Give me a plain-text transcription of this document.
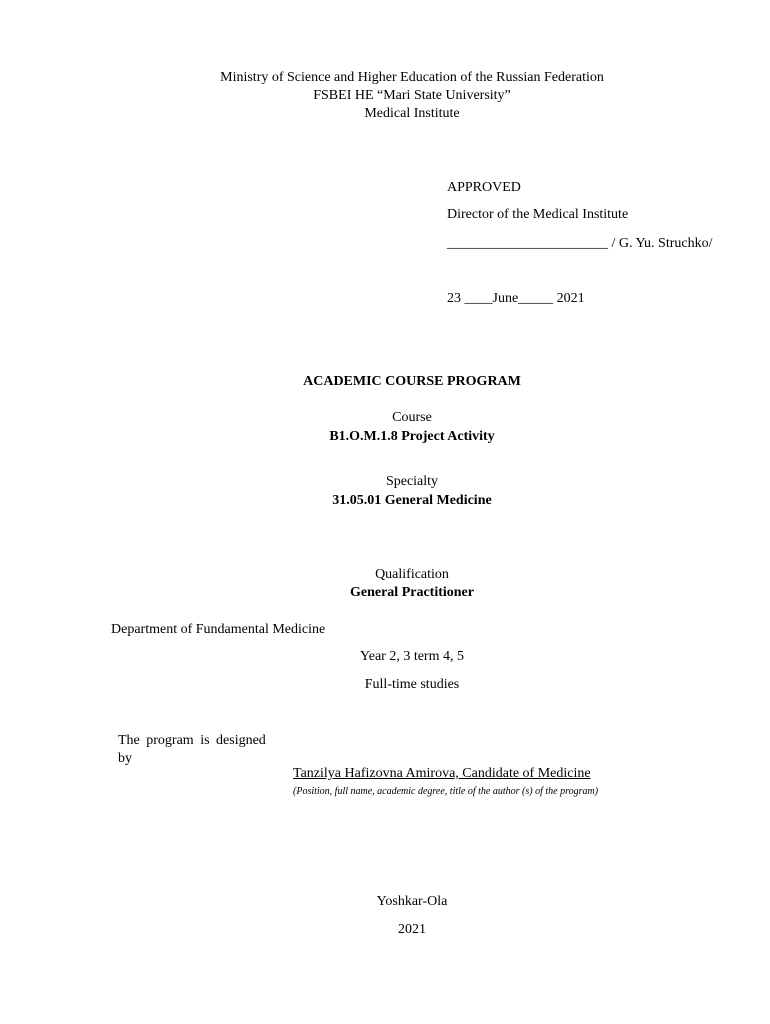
Ministry of Science and Higher Education of the Russian Federation
FSBEI HE “Mari State University”
Medical Institute
APPROVED
Director of the Medical Institute
_______________________ / G. Yu. Struchko/
23 ____June_____ 2021
ACADEMIC COURSE PROGRAM
Course
B1.O.M.1.8 Project Activity
Specialty
31.05.01 General Medicine
Qualification
General Practitioner
Department of Fundamental Medicine
Year 2, 3 term 4, 5
Full-time studies
The program is designed by
Tanzilya Hafizovna Amirova, Candidate of Medicine
(Position, full name, academic degree, title of the author (s) of the program)
Yoshkar-Ola
2021
